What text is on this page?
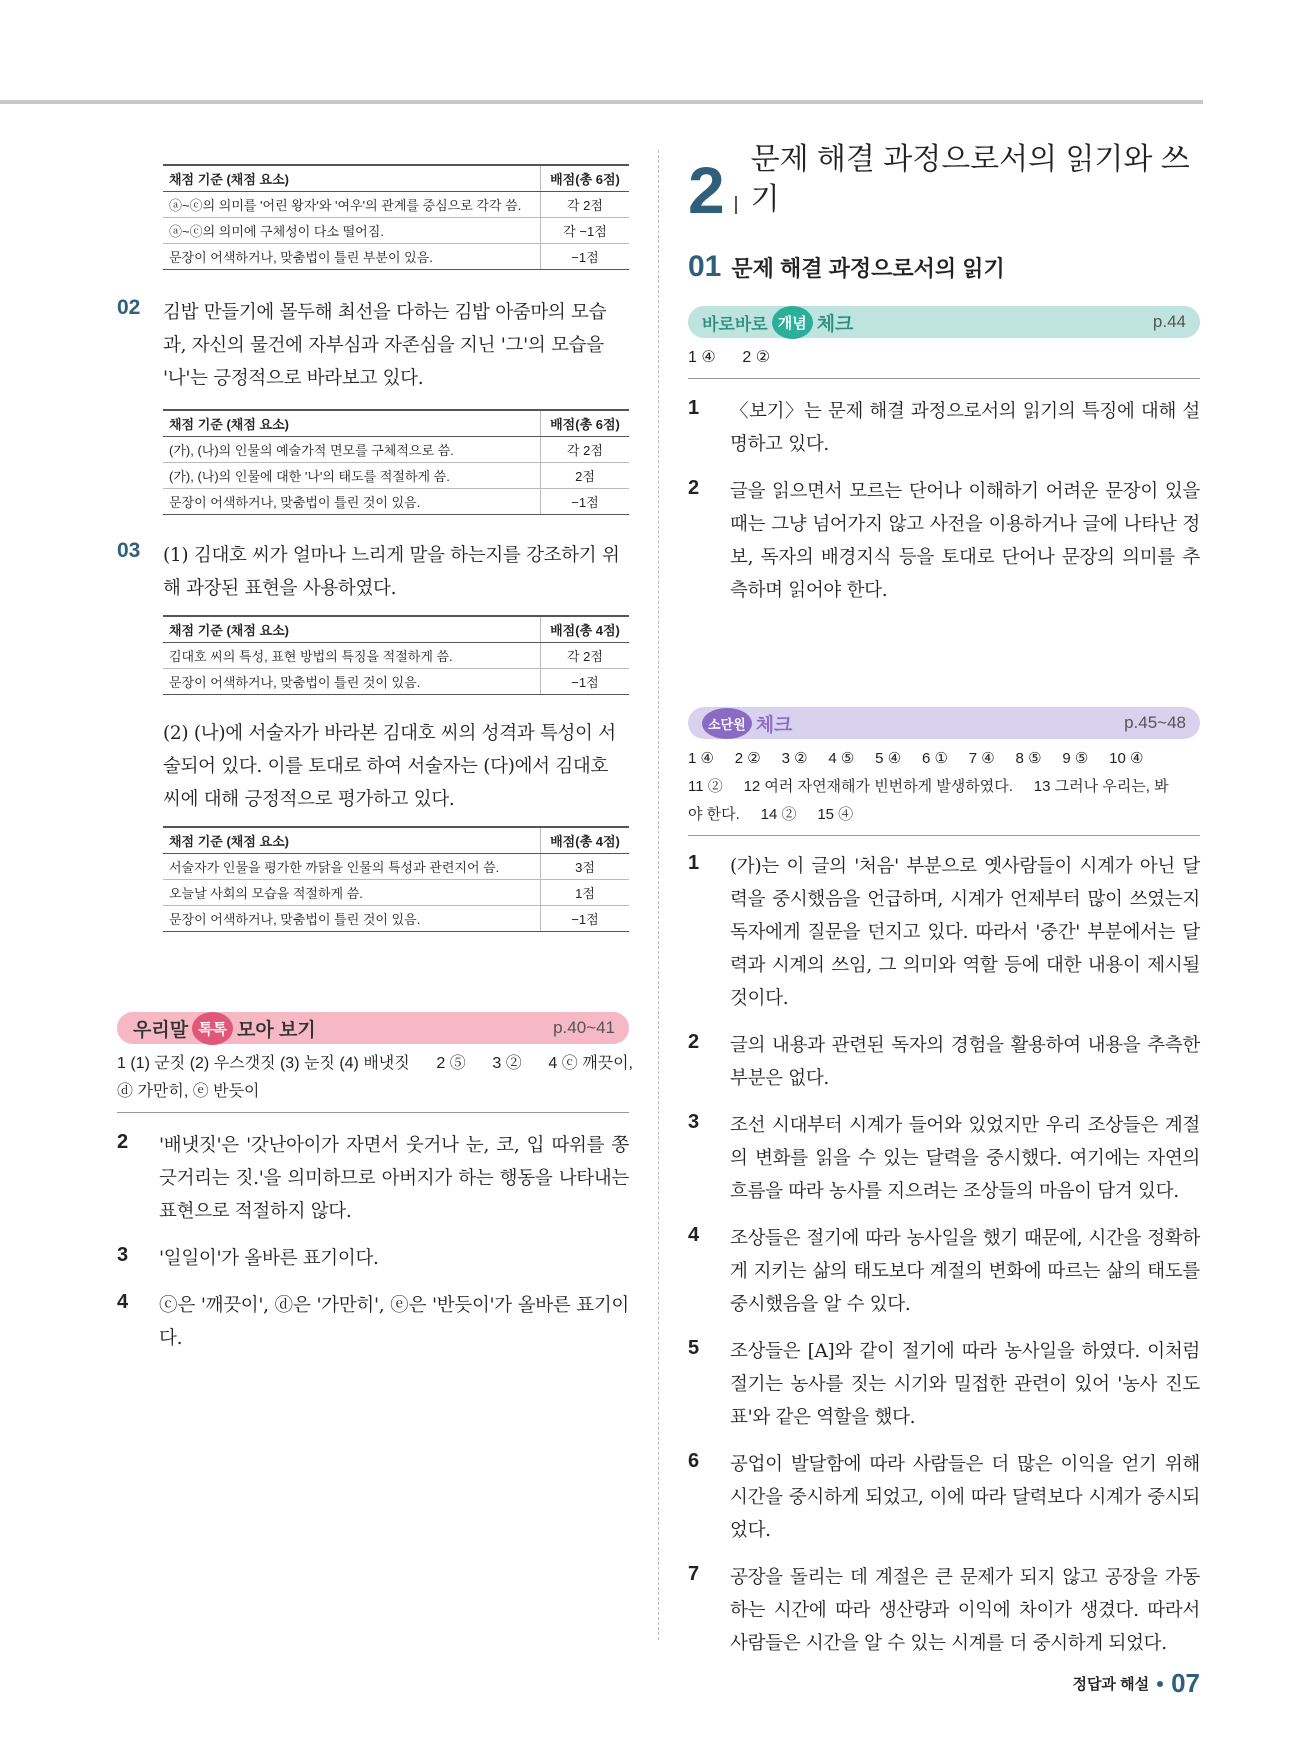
채점 기준 (채점 요소)	배점(총 6점)
ⓐ~ⓒ의 의미를 '어린 왕자'와 '여우'의 관계를 중심으로 각각 씀.	각 2점
ⓐ~ⓒ의 의미에 구체성이 다소 떨어짐.	각 −1점
문장이 어색하거나, 맞춤법이 틀린 부분이 있음.	−1점
02 김밥 만들기에 몰두해 최선을 다하는 김밥 아줌마의 모습과, 자신의 물건에 자부심과 자존심을 지닌 '그'의 모습을 '나'는 긍정적으로 바라보고 있다.

채점 기준 (채점 요소)	배점(총 6점)
(가), (나)의 인물의 예술가적 면모를 구체적으로 씀.	각 2점
(가), (나)의 인물에 대한 '나'의 태도를 적절하게 씀.	2점
문장이 어색하거나, 맞춤법이 틀린 것이 있음.	−1점
03 (1) 김대호 씨가 얼마나 느리게 말을 하는지를 강조하기 위해 과장된 표현을 사용하였다.

채점 기준 (채점 요소)	배점(총 4점)
김대호 씨의 특성, 표현 방법의 특징을 적절하게 씀.	각 2점
문장이 어색하거나, 맞춤법이 틀린 것이 있음.	−1점

(2) (나)에 서술자가 바라본 김대호 씨의 성격과 특성이 서술되어 있다. 이를 토대로 하여 서술자는 (다)에서 김대호 씨에 대해 긍정적으로 평가하고 있다.

채점 기준 (채점 요소)	배점(총 4점)
서술자가 인물을 평가한 까닭을 인물의 특성과 관련지어 씀.	3점
오늘날 사회의 모습을 적절하게 씀.	1점
문장이 어색하거나, 맞춤법이 틀린 것이 있음.	−1점
우리말 톡톡 모아 보기	p.40~41
1 (1) 군짓 (2) 우스갯짓 (3) 눈짓 (4) 배냇짓      2 ⑤      3 ②      4 ⓒ 깨끗이,
ⓓ 가만히, ⓔ 반듯이
2 '배냇짓'은 '갓난아이가 자면서 웃거나 눈, 코, 입 따위를 쫑긋거리는 짓.'을 의미하므로 아버지가 하는 행동을 나타내는 표현으로 적절하지 않다.
3 '일일이'가 올바른 표기이다.
4 ⓒ은 '깨끗이', ⓓ은 '가만히', ⓔ은 '반듯이'가 올바른 표기이다.
2 문제 해결 과정으로서의 읽기와 쓰기
01 문제 해결 과정으로서의 읽기
바로바로 개념 체크	p.44
1 ④      2 ②
1 〈보기〉는 문제 해결 과정으로서의 읽기의 특징에 대해 설명하고 있다.
2 글을 읽으면서 모르는 단어나 이해하기 어려운 문장이 있을 때는 그냥 넘어가지 않고 사전을 이용하거나 글에 나타난 정보, 독자의 배경지식 등을 토대로 단어나 문장의 의미를 추측하며 읽어야 한다.
소단원 체크	p.45~48
1 ④     2 ②     3 ②     4 ⑤     5 ④     6 ①     7 ④     8 ⑤     9 ⑤     10 ④
11 ②     12 여러 자연재해가 빈번하게 발생하였다.     13 그러나 우리는, 봐
야 한다.     14 ②     15 ④
1 (가)는 이 글의 '처음' 부분으로 옛사람들이 시계가 아닌 달력을 중시했음을 언급하며, 시계가 언제부터 많이 쓰였는지 독자에게 질문을 던지고 있다. 따라서 '중간' 부분에서는 달력과 시계의 쓰임, 그 의미와 역할 등에 대한 내용이 제시될 것이다.
2 글의 내용과 관련된 독자의 경험을 활용하여 내용을 추측한 부분은 없다.
3 조선 시대부터 시계가 들어와 있었지만 우리 조상들은 계절의 변화를 읽을 수 있는 달력을 중시했다. 여기에는 자연의 흐름을 따라 농사를 지으려는 조상들의 마음이 담겨 있다.
4 조상들은 절기에 따라 농사일을 했기 때문에, 시간을 정확하게 지키는 삶의 태도보다 계절의 변화에 따르는 삶의 태도를 중시했음을 알 수 있다.
5 조상들은 [A]와 같이 절기에 따라 농사일을 하였다. 이처럼 절기는 농사를 짓는 시기와 밀접한 관련이 있어 '농사 진도표'와 같은 역할을 했다.
6 공업이 발달함에 따라 사람들은 더 많은 이익을 얻기 위해 시간을 중시하게 되었고, 이에 따라 달력보다 시계가 중시되었다.
7 공장을 돌리는 데 계절은 큰 문제가 되지 않고 공장을 가동하는 시간에 따라 생산량과 이익에 차이가 생겼다. 따라서 사람들은 시간을 알 수 있는 시계를 더 중시하게 되었다.
정답과 해설 07
